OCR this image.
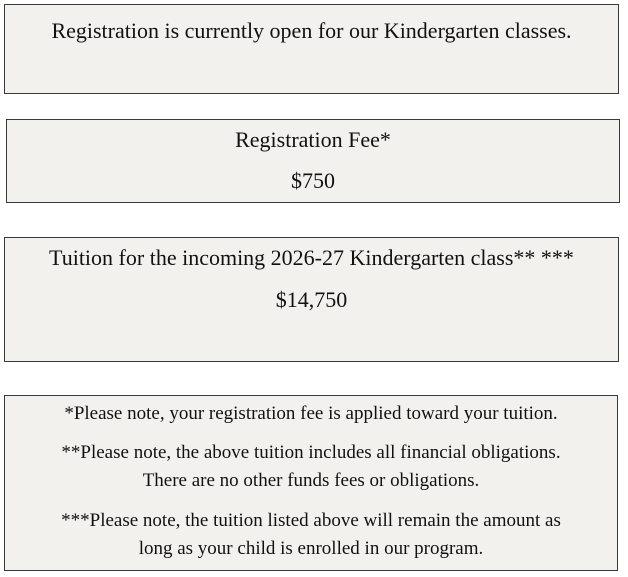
Registration is currently open for our Kindergarten classes.

Registration Fee*

$750

Tuition for the incoming 2026-27 Kindergarten class** ***

$14,750

*Please note, your registration fee is applied toward your tuition.

**Please note, the above tuition includes all financial obligations.

There are no other funds fees or obligations.

***Please note, the tuition listed above will remain the amount as

long as your child is enrolled in our program.
